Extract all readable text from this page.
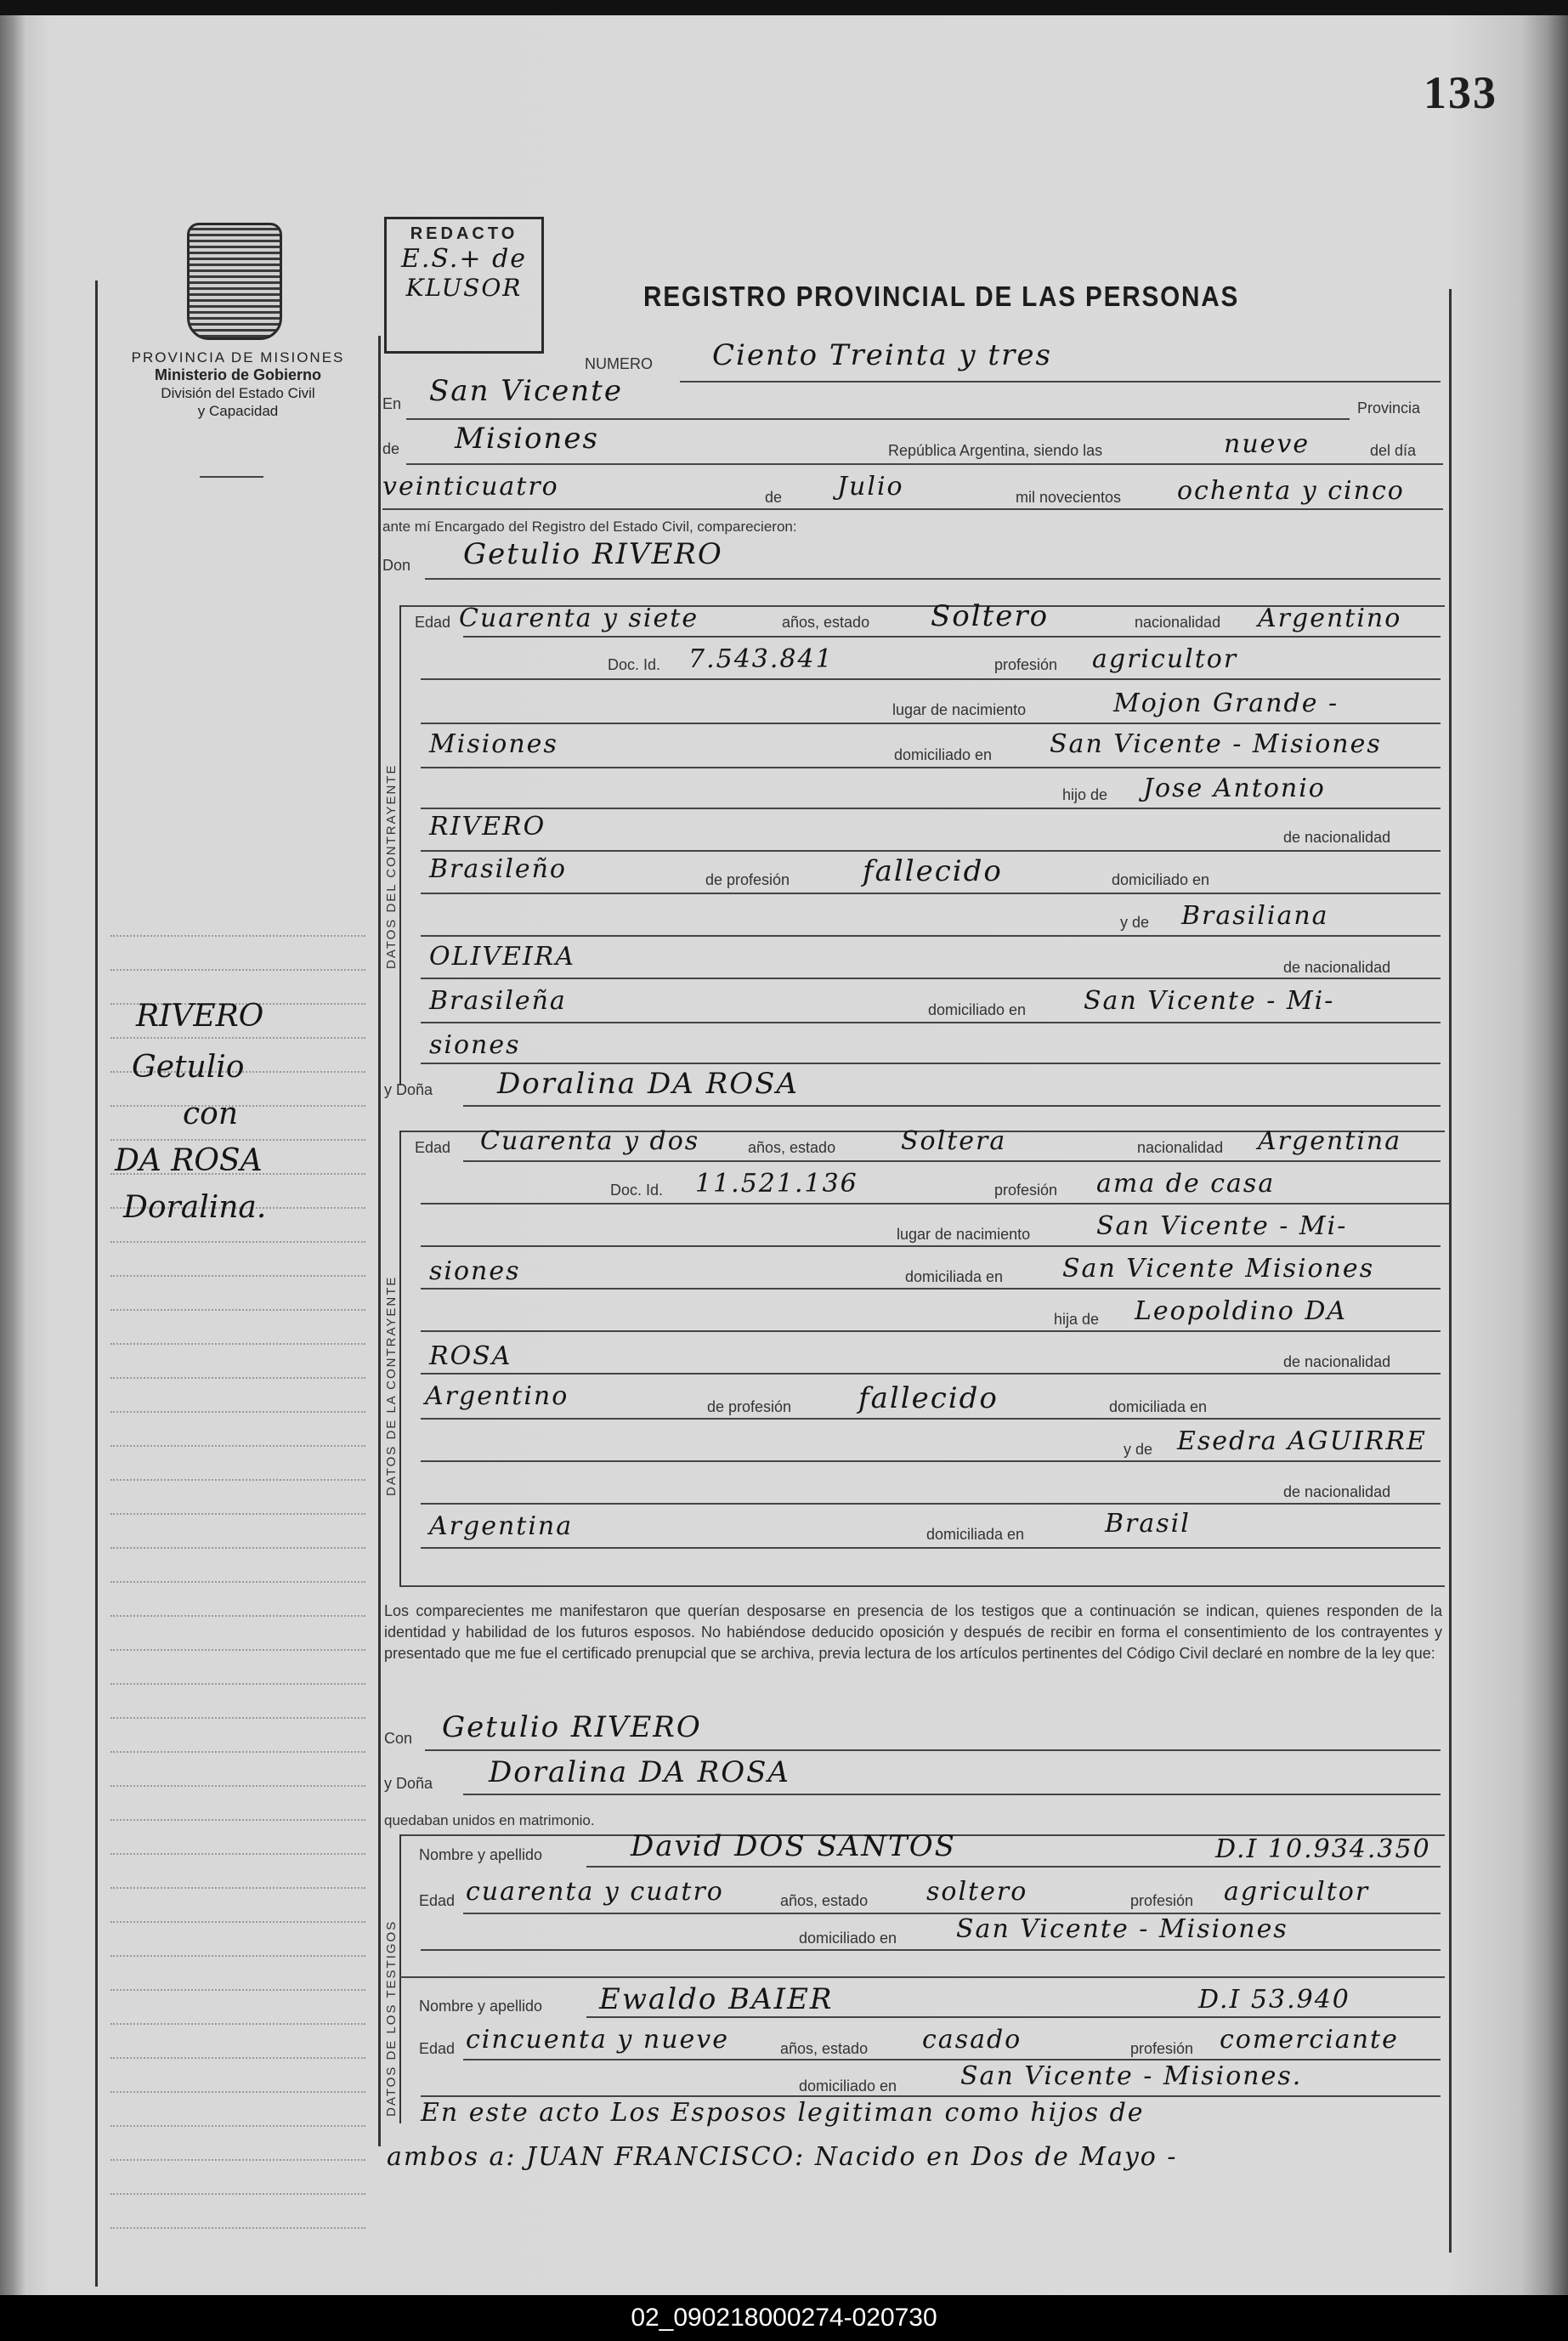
133
PROVINCIA DE MISIONES
Ministerio de Gobierno
División del Estado Civil
y Capacidad
REDACTO
E.S.+ de
KLUSOR	REGISTRO PROVINCIAL DE LAS PERSONAS
NUMERO Ciento Treinta y tres
En San Vicente	Provincia
de Misiones	República Argentina, siendo las	nueve	del día
veinticuatro	de Julio	mil novecientos ochenta y cinco
ante mí Encargado del Registro del Estado Civil, comparecieron:
Don Getulio RIVERO
DATOS DEL CONTRAYENTE
Edad Cuarenta y siete	años, estado Soltero	nacionalidad Argentino
Doc. Id. 7.543.841	profesión agricultor
lugar de nacimiento	Mojon Grande -
Misiones	domiciliado en San Vicente - Misiones
hijo de Jose Antonio
RIVERO	de nacionalidad
Brasileño	de profesión	fallecido	domiciliado en
y de Brasiliana
OLIVEIRA	de nacionalidad
Brasileña	domiciliado en San Vicente - Mi-
siones
y Doña Doralina DA ROSA
DATOS DE LA CONTRAYENTE
Edad Cuarenta y dos	años, estado	Soltera	nacionalidad Argentina
Doc. Id. 11.521.136	profesión ama de casa
lugar de nacimiento	San Vicente - Mi-
siones	domiciliada en San Vicente Misiones
hija de Leopoldino DA
ROSA	de nacionalidad
Argentino	de profesión fallecido	domiciliada en
y de Esedra AGUIRRE
de nacionalidad
Argentina	domiciliada en	Brasil
Los comparecientes me manifestaron que querían desposarse en presencia de los testigos que a continuación se indican, quienes responden de la identidad y habilidad de los futuros esposos. No habiéndose deducido oposición y después de recibir en forma el consentimiento de los contrayentes y presentado que me fue el certificado prenupcial que se archiva, previa lectura de los artículos pertinentes del Código Civil declaré en nombre de la ley que:
Con Getulio RIVERO
y Doña Doralina DA ROSA
quedaban unidos en matrimonio.
DATOS DE LOS TESTIGOS
Nombre y apellido	David DOS SANTOS	D.I 10.934.350
Edad cuarenta y cuatro	años, estado soltero	profesión agricultor
domiciliado en San Vicente - Misiones
Nombre y apellido Ewaldo BAIER	D.I 53.940
Edad cincuenta y nueve	años, estado casado	profesión comerciante
domiciliado en San Vicente - Misiones.
En este acto Los Esposos legitiman como hijos de
ambos a: JUAN FRANCISCO: Nacido en Dos de Mayo -
RIVERO
Getulio
con
DA ROSA
Doralina.
02_090218000274-020730
